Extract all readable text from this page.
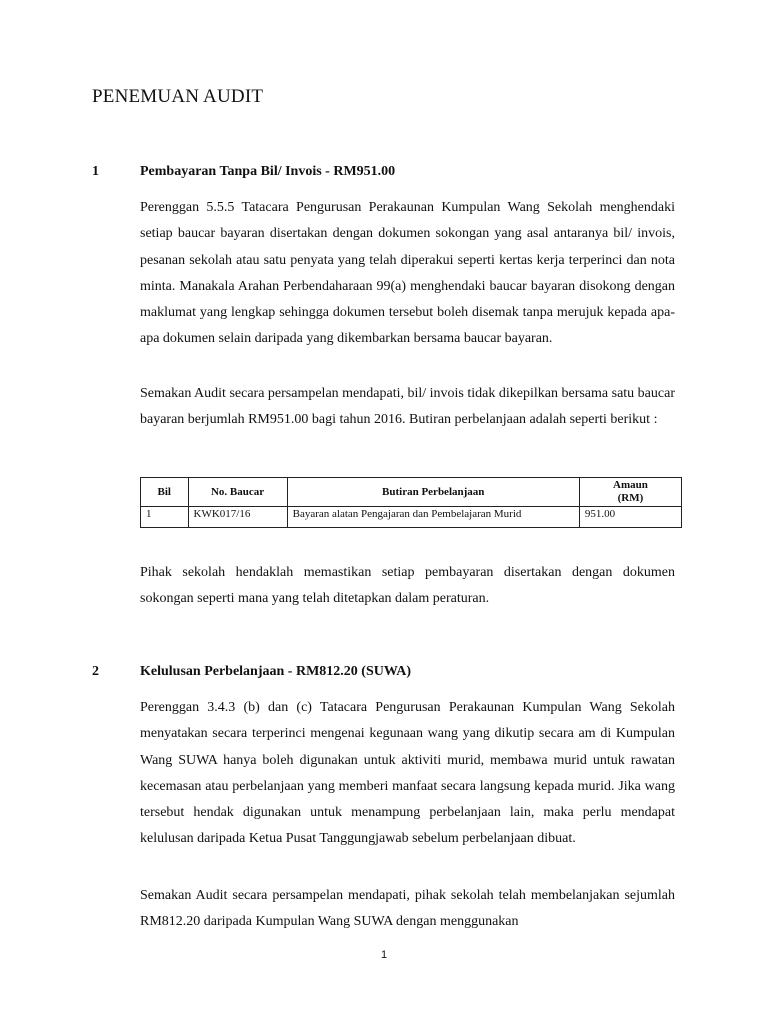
PENEMUAN AUDIT
1	Pembayaran Tanpa Bil/ Invois - RM951.00

Perenggan 5.5.5 Tatacara Pengurusan Perakaunan Kumpulan Wang Sekolah menghendaki setiap baucar bayaran disertakan dengan dokumen sokongan yang asal antaranya bil/ invois, pesanan sekolah atau satu penyata yang telah diperakui seperti kertas kerja terperinci dan nota minta. Manakala Arahan Perbendaharaan 99(a) menghendaki baucar bayaran disokong dengan maklumat yang lengkap sehingga dokumen tersebut boleh disemak tanpa merujuk kepada apa-apa dokumen selain daripada yang dikembarkan bersama baucar bayaran.

Semakan Audit secara persampelan mendapati, bil/ invois tidak dikepilkan bersama satu baucar bayaran berjumlah RM951.00 bagi tahun 2016. Butiran perbelanjaan adalah seperti berikut :

Bil	No. Baucar	Butiran Perbelanjaan	Amaun
(RM)

1	KWK017/16	Bayaran alatan Pengajaran dan Pembelajaran Murid	951.00

Pihak sekolah hendaklah memastikan setiap pembayaran disertakan dengan dokumen sokongan seperti mana yang telah ditetapkan dalam peraturan.

2	Kelulusan Perbelanjaan - RM812.20 (SUWA)

Perenggan 3.4.3 (b) dan (c) Tatacara Pengurusan Perakaunan Kumpulan Wang Sekolah menyatakan secara terperinci mengenai kegunaan wang yang dikutip secara am di Kumpulan Wang SUWA hanya boleh digunakan untuk aktiviti murid, membawa murid untuk rawatan kecemasan atau perbelanjaan yang memberi manfaat secara langsung kepada murid. Jika wang tersebut hendak digunakan untuk menampung perbelanjaan lain, maka perlu mendapat kelulusan daripada Ketua Pusat Tanggungjawab sebelum perbelanjaan dibuat.

Semakan Audit secara persampelan mendapati, pihak sekolah telah membelanjakan sejumlah RM812.20 daripada Kumpulan Wang SUWA dengan menggunakan

1
